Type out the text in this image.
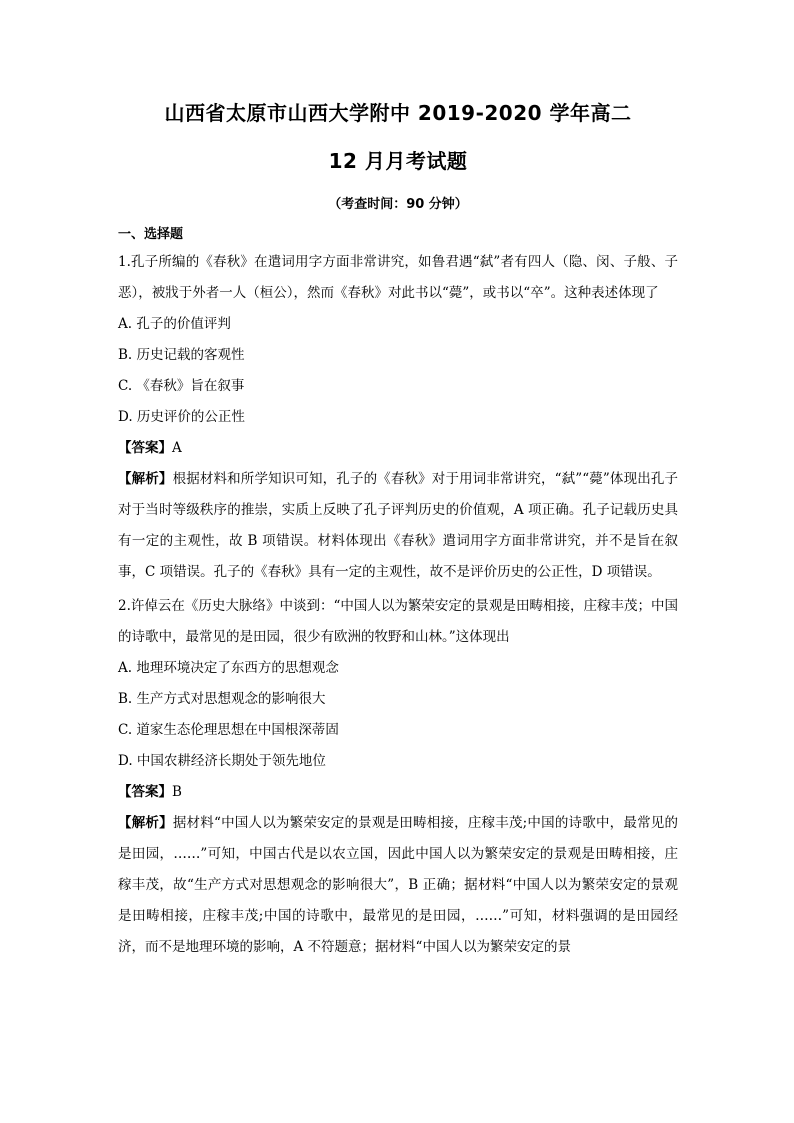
山西省太原市山西大学附中 2019-2020 学年高二
12 月月考试题
（考查时间：90 分钟）
一、选择题

1.孔子所编的《春秋》在遣词用字方面非常讲究，如鲁君遇“弑”者有四人（隐、闵、子般、子恶），被戕于外者一人（桓公），然而《春秋》对此书以“薨”，或书以“卒”。这种表述体现了

A. 孔子的价值评判

B. 历史记载的客观性

C. 《春秋》旨在叙事

D. 历史评价的公正性

【答案】A

【解析】根据材料和所学知识可知，孔子的《春秋》对于用词非常讲究，“弑”“薨”体现出孔子对于当时等级秩序的推崇，实质上反映了孔子评判历史的价值观，A 项正确。孔子记载历史具有一定的主观性，故 B 项错误。材料体现出《春秋》遣词用字方面非常讲究，并不是旨在叙事，C 项错误。孔子的《春秋》具有一定的主观性，故不是评价历史的公正性，D 项错误。

2.许倬云在《历史大脉络》中谈到：“中国人以为繁荣安定的景观是田畴相接，庄稼丰茂；中国的诗歌中，最常见的是田园，很少有欧洲的牧野和山林。”这体现出

A. 地理环境决定了东西方的思想观念

B. 生产方式对思想观念的影响很大

C. 道家生态伦理思想在中国根深蒂固

D. 中国农耕经济长期处于领先地位

【答案】B

【解析】据材料“中国人以为繁荣安定的景观是田畴相接，庄稼丰茂;中国的诗歌中，最常见的是田园，……”可知，中国古代是以农立国，因此中国人以为繁荣安定的景观是田畴相接，庄稼丰茂，故“生产方式对思想观念的影响很大”，B 正确；据材料“中国人以为繁荣安定的景观是田畴相接，庄稼丰茂;中国的诗歌中，最常见的是田园，……”可知，材料强调的是田园经济，而不是地理环境的影响，A 不符题意；据材料“中国人以为繁荣安定的景
